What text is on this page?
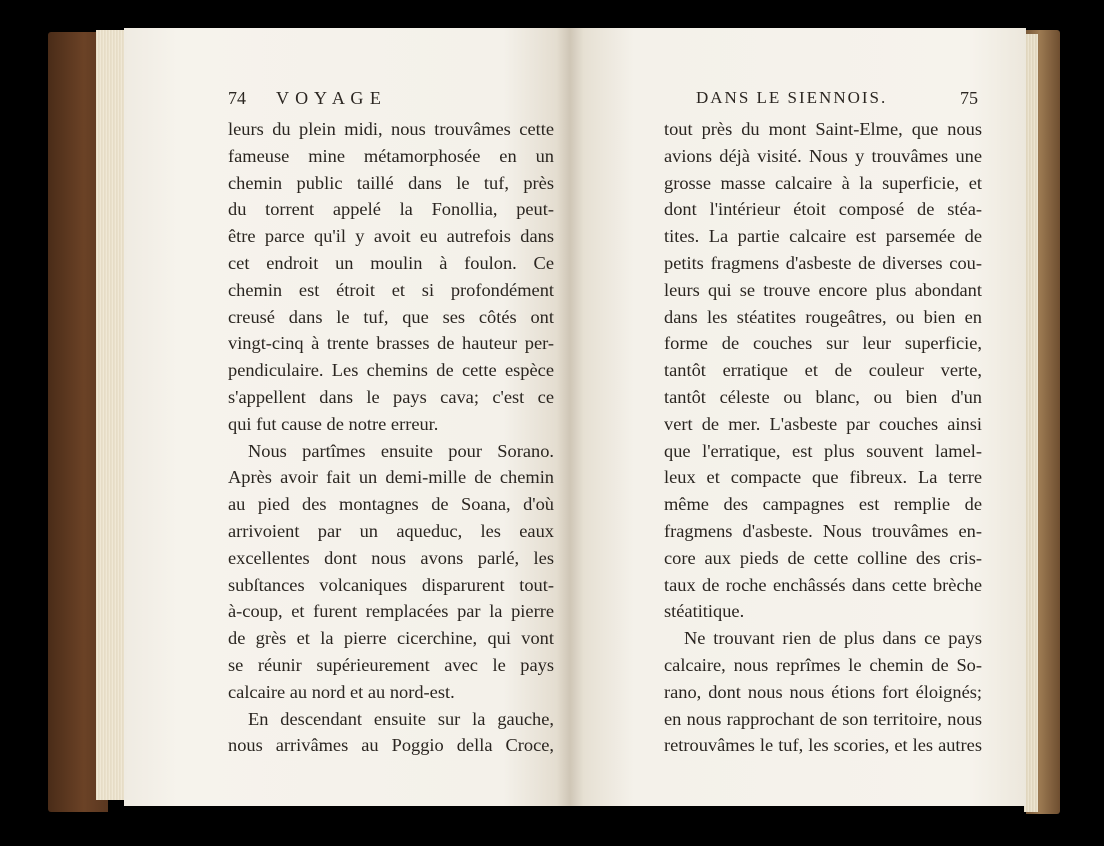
74 V O Y A G E
leurs du plein midi, nous trouvâmes cette
fameuse mine métamorphosée en un
chemin public taillé dans le tuf, près
du torrent appelé la Fonollia, peut-
être parce qu'il y avoit eu autrefois dans
cet endroit un moulin à foulon. Ce
chemin est étroit et si profondément
creusé dans le tuf, que ses côtés ont
vingt-cinq à trente brasses de hauteur per-
pendiculaire. Les chemins de cette espèce
s'appellent dans le pays cava; c'est ce
qui fut cause de notre erreur.
Nous partîmes ensuite pour Sorano.
Après avoir fait un demi-mille de chemin
au pied des montagnes de Soana, d'où
arrivoient par un aqueduc, les eaux
excellentes dont nous avons parlé, les
subſtances volcaniques disparurent tout-
à-coup, et furent remplacées par la pierre
de grès et la pierre cicerchine, qui vont
se réunir supérieurement avec le pays
calcaire au nord et au nord-est.
En descendant ensuite sur la gauche,
nous arrivâmes au Poggio della Croce,
DANS LE SIENNOIS.	75
tout près du mont Saint-Elme, que nous
avions déjà visité. Nous y trouvâmes une
grosse masse calcaire à la superficie, et
dont l'intérieur étoit composé de stéa-
tites. La partie calcaire est parsemée de
petits fragmens d'asbeste de diverses cou-
leurs qui se trouve encore plus abondant
dans les stéatites rougeâtres, ou bien en
forme de couches sur leur superficie,
tantôt erratique et de couleur verte,
tantôt céleste ou blanc, ou bien d'un
vert de mer. L'asbeste par couches ainsi
que l'erratique, est plus souvent lamel-
leux et compacte que fibreux. La terre
même des campagnes est remplie de
fragmens d'asbeste. Nous trouvâmes en-
core aux pieds de cette colline des cris-
taux de roche enchâssés dans cette brèche
stéatitique.
Ne trouvant rien de plus dans ce pays
calcaire, nous reprîmes le chemin de So-
rano, dont nous nous étions fort éloignés;
en nous rapprochant de son territoire, nous
retrouvâmes le tuf, les scories, et les autres
